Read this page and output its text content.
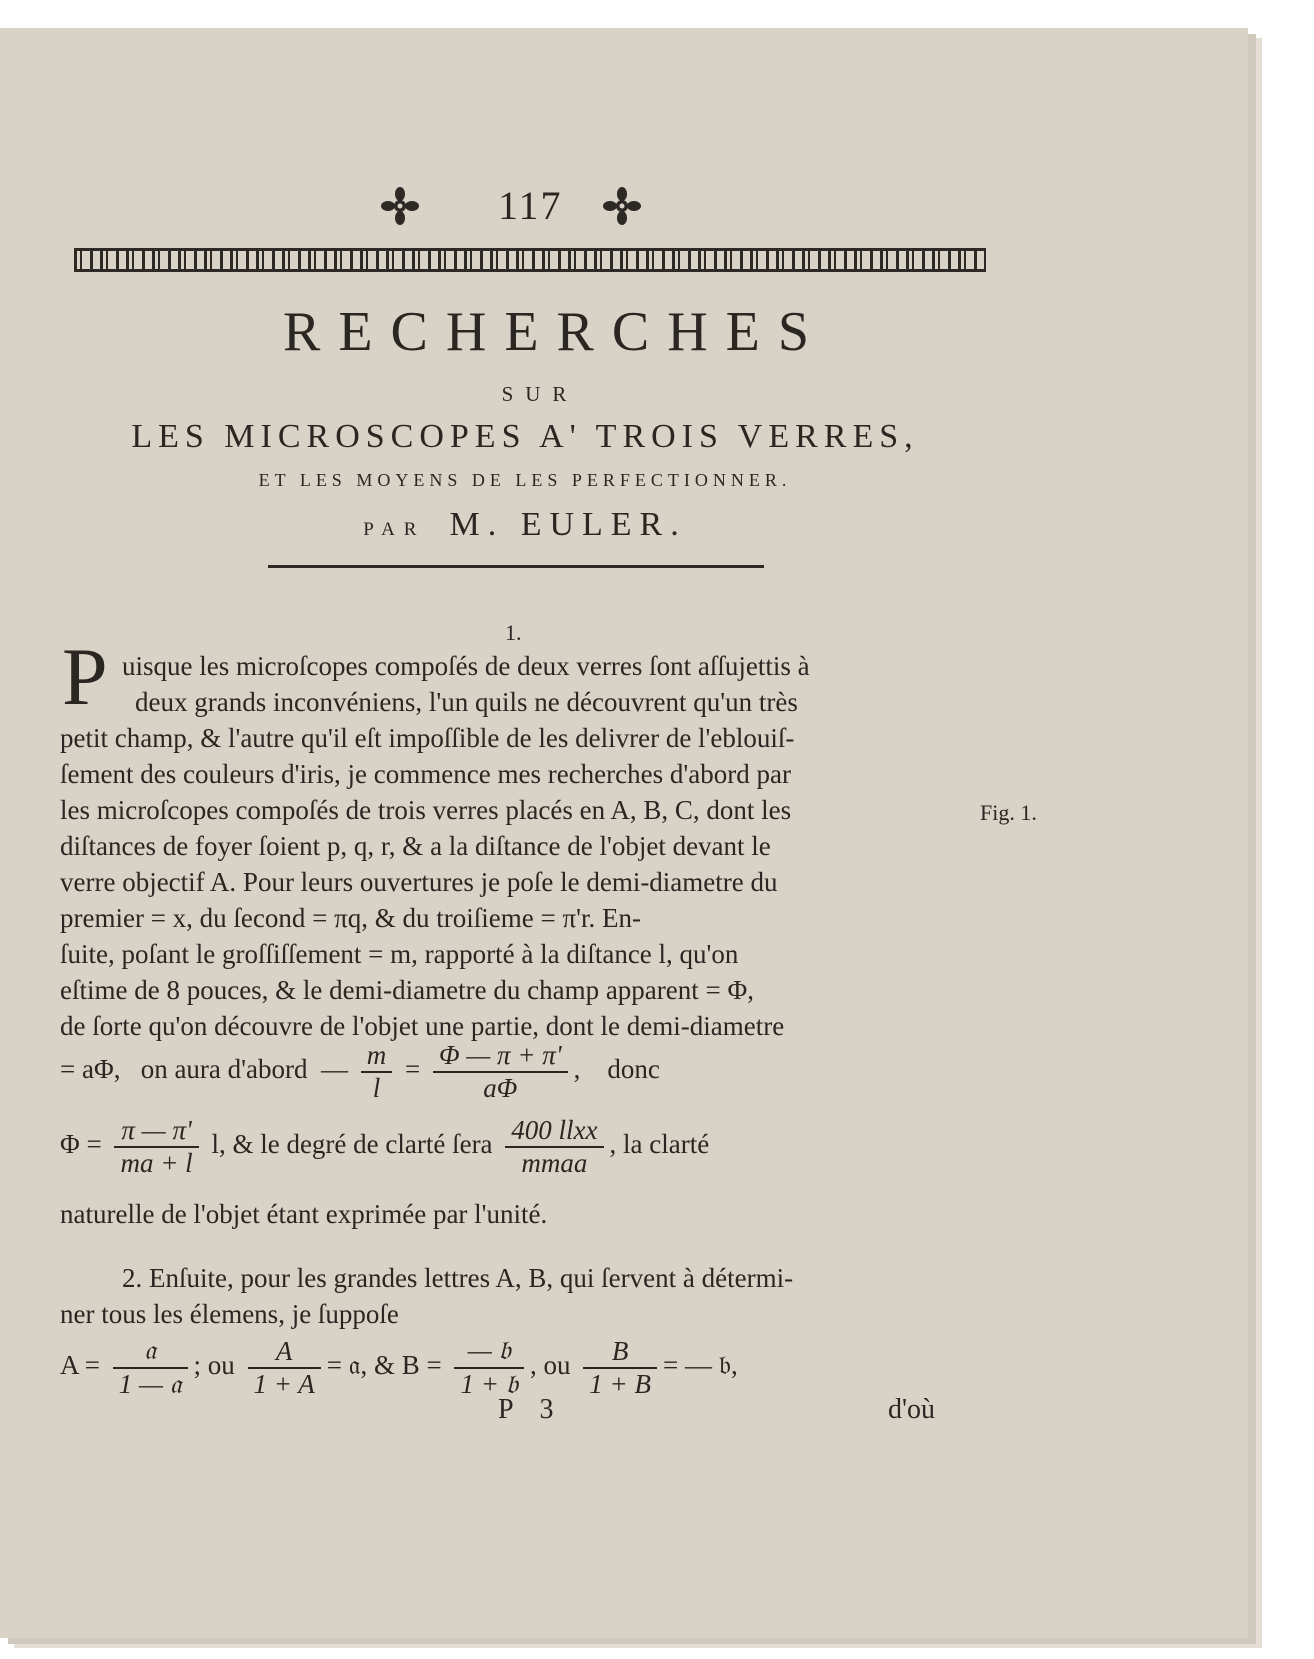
117
RECHERCHES
SUR
LES MICROSCOPES A' TROIS VERRES,
ET LES MOYENS DE LES PERFECTIONNER.
PAR M. EULER.
1.
P uisque les microſcopes compoſés de deux verres ſont aſſujettis à
deux grands inconvéniens, l'un quils ne découvrent qu'un très
petit champ, & l'autre qu'il eſt impoſſible de les delivrer de l'eblouiſ-
ſement des couleurs d'iris, je commence mes recherches d'abord par
les microſcopes compoſés de trois verres placés en A, B, C, dont les
diſtances de foyer ſoient p, q, r, & a la diſtance de l'objet devant le
verre objectif A. Pour leurs ouvertures je poſe le demi-diametre du
premier = x, du ſecond = πq, & du troiſieme = π'r. En-
ſuite, poſant le groſſiſſement = m, rapporté à la diſtance l, qu'on
eſtime de 8 pouces, & le demi-diametre du champ apparent = Φ,
de ſorte qu'on découvre de l'objet une partie, dont le demi-diametre
Fig. 1.
= aΦ, on aura d'abord — $\frac{m}{l} = \frac{\Phi — \pi + \pi'}{a\Phi}$ , donc
$\Phi = \frac{\pi — \pi'}{ma + l} l$, & le degré de clarté ſera $\frac{\text{400 llxx}}{\text{mmaa}}$ , la clarté
naturelle de l'objet étant exprimée par l'unité.
2. Enſuite, pour les grandes lettres A, B, qui ſervent à détermi-
ner tous les élemens, je ſuppoſe
$A = \frac{\text{𝔞}}{\text{1 — 𝔞}}$ ; ou $\frac{A}{1 + A}$ = 𝔞, & $B = \frac{\text{— 𝔟}}{\text{1 + 𝔟}}$ , ou $\frac{B}{1 + B}$ = — 𝔟,
P 3	d'où
